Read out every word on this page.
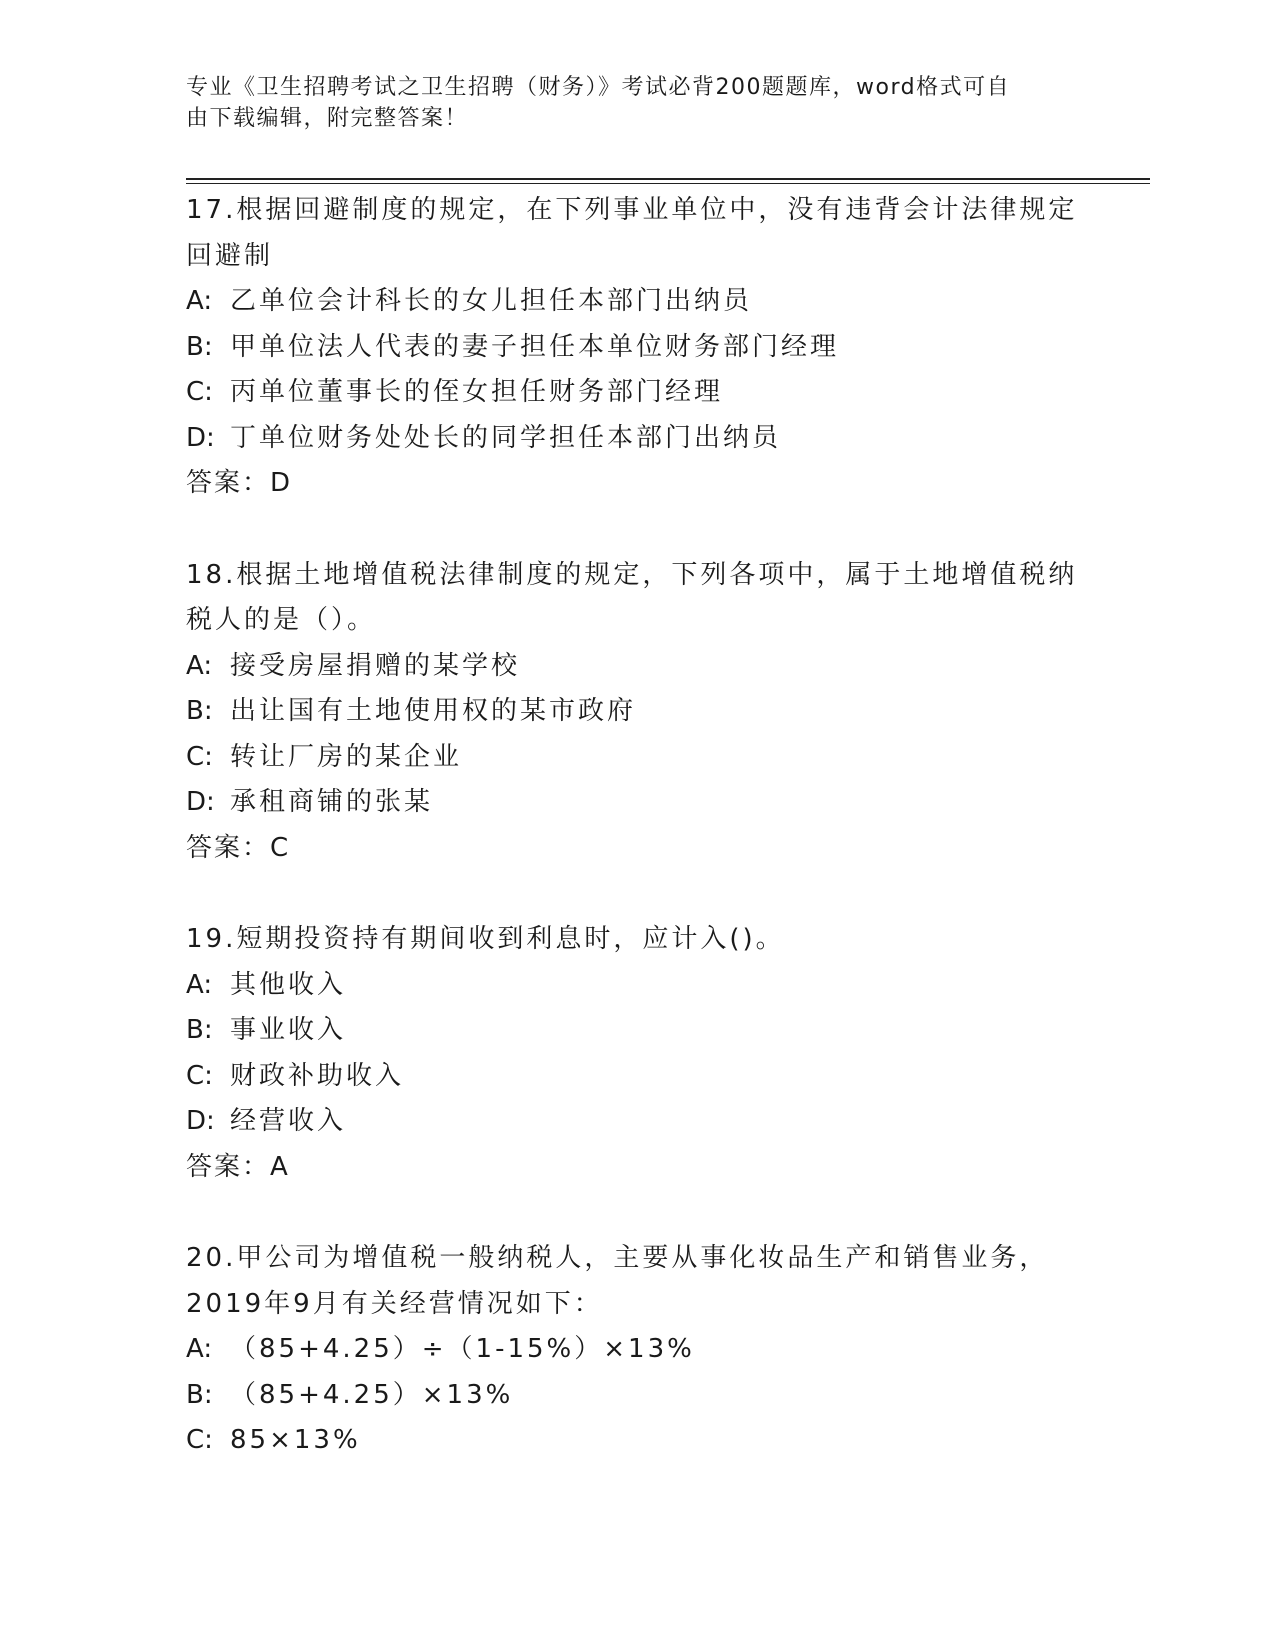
专业《卫生招聘考试之卫生招聘（财务）》考试必背200题题库，word格式可自
由下载编辑，附完整答案！
17.根据回避制度的规定，在下列事业单位中，没有违背会计法律规定
回避制
A: 乙单位会计科长的女儿担任本部门出纳员
B: 甲单位法人代表的妻子担任本单位财务部门经理
C: 丙单位董事长的侄女担任财务部门经理
D: 丁单位财务处处长的同学担任本部门出纳员
答案：D
18.根据土地增值税法律制度的规定，下列各项中，属于土地增值税纳
税人的是（）。
A: 接受房屋捐赠的某学校
B: 出让国有土地使用权的某市政府
C: 转让厂房的某企业
D: 承租商铺的张某
答案：C
19.短期投资持有期间收到利息时，应计入()。
A: 其他收入
B: 事业收入
C: 财政补助收入
D: 经营收入
答案：A
20.甲公司为增值税一般纳税人，主要从事化妆品生产和销售业务，
2019年9月有关经营情况如下：
A: （85+4.25）÷（1-15%）×13%
B: （85+4.25）×13%
C: 85×13%
